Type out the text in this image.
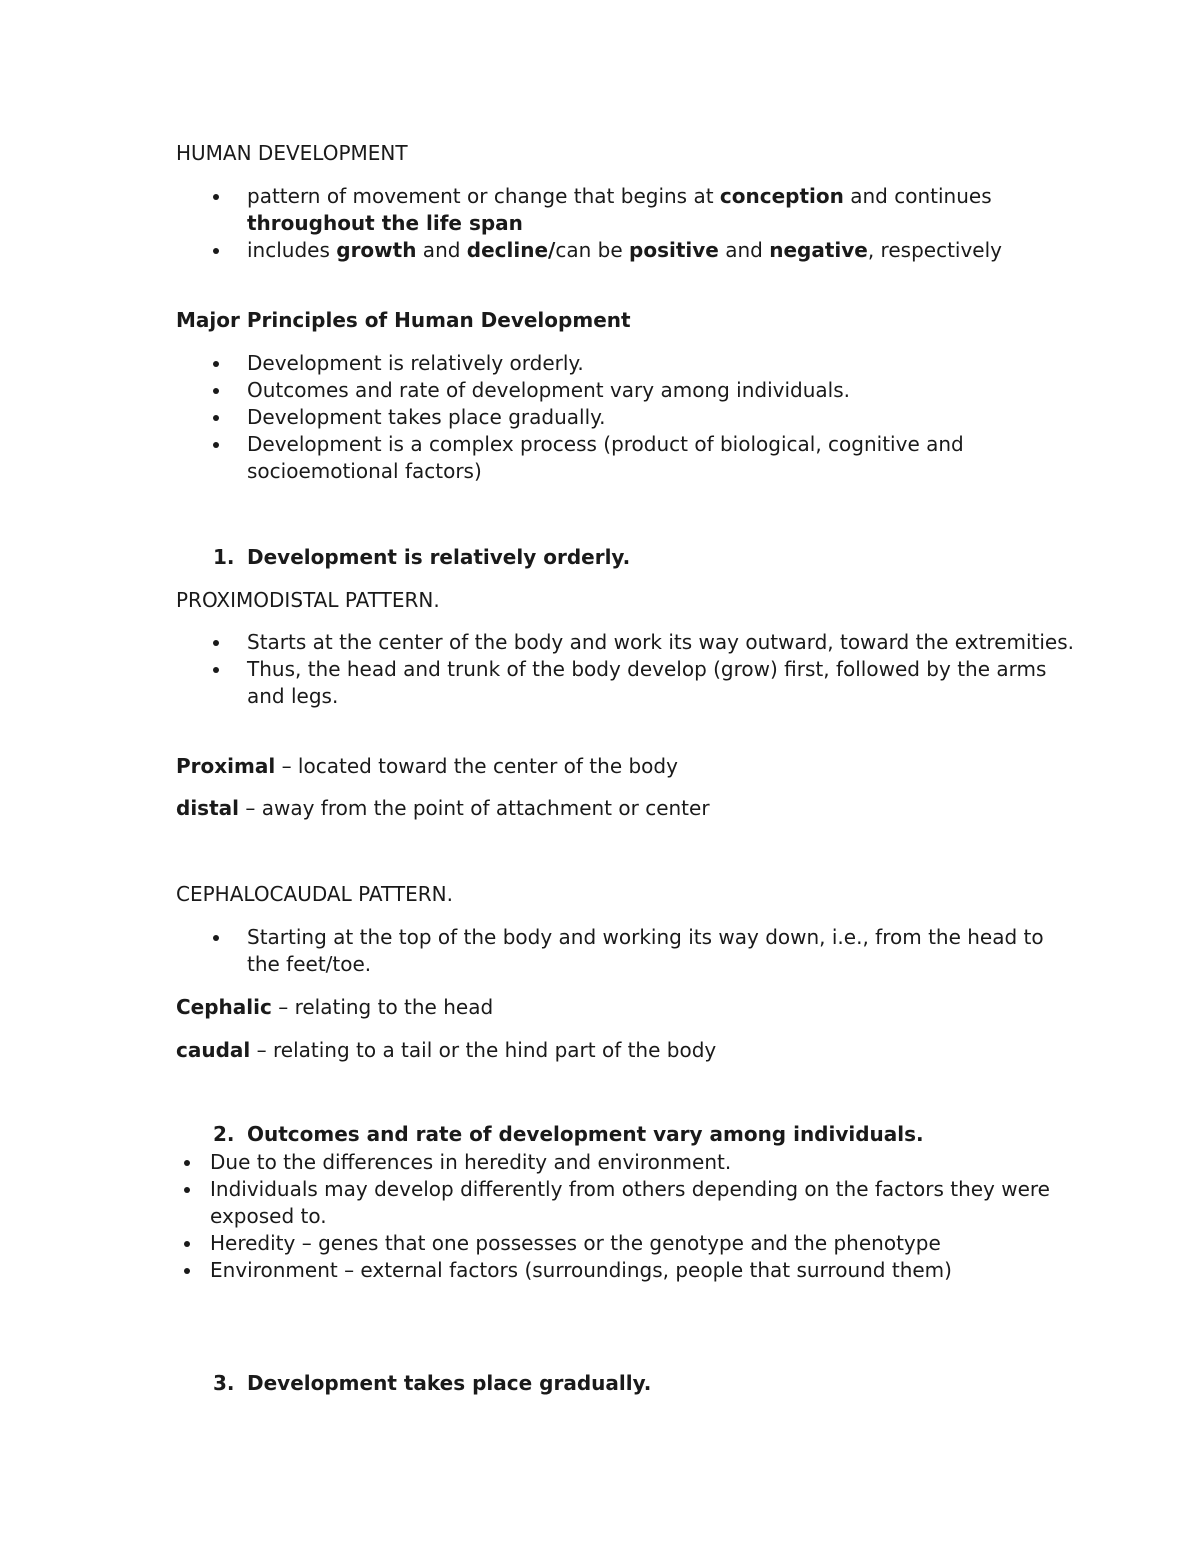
HUMAN DEVELOPMENT

pattern of movement or change that begins at conception and continues throughout the life span
includes growth and decline/can be positive and negative, respectively

Major Principles of Human Development

Development is relatively orderly.
Outcomes and rate of development vary among individuals.
Development takes place gradually.
Development is a complex process (product of biological, cognitive and socioemotional factors)
1. Development is relatively orderly.

PROXIMODISTAL PATTERN.

Starts at the center of the body and work its way outward, toward the extremities.
Thus, the head and trunk of the body develop (grow) first, followed by the arms and legs.

Proximal – located toward the center of the body

distal – away from the point of attachment or center

CEPHALOCAUDAL PATTERN.

Starting at the top of the body and working its way down, i.e., from the head to the feet/toe.

Cephalic – relating to the head

caudal – relating to a tail or the hind part of the body

2. Outcomes and rate of development vary among individuals.
Due to the differences in heredity and environment.
Individuals may develop differently from others depending on the factors they were exposed to.
Heredity – genes that one possesses or the genotype and the phenotype
Environment – external factors (surroundings, people that surround them)
3. Development takes place gradually.
